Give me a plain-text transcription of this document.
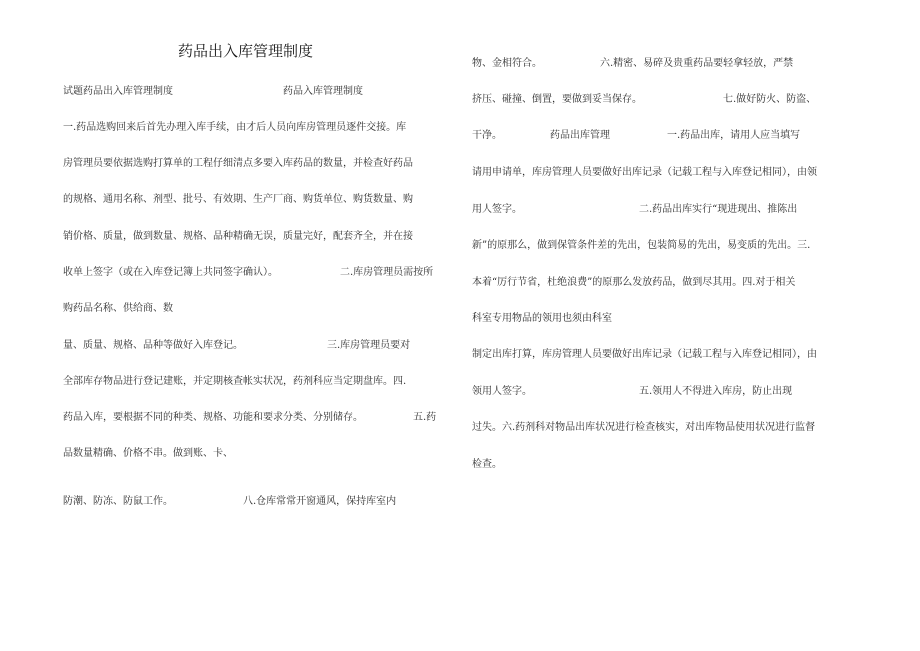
药品出入库管理制度
试题药品出入库管理制度	药品入库管理制度
一.药品选购回来后首先办理入库手续，由才后人员向库房管理员逐件交接。库
房管理员要依据选购打算单的工程仔细清点多要入库药品的数量，并检查好药品
的规格、通用名称、剂型、批号、有效期、生产厂商、购货单位、购货数量、购
销价格、质量，做到数量、规格、品种精确无误，质量完好，配套齐全，并在接
收单上签字（或在入库登记簿上共同签字确认）。	二.库房管理员需按所
购药品名称、供给商、数
量、质量、规格、品种等做好入库登记。	三.库房管理员要对
全部库存物品进行登记建账，并定期核查帐实状况，药剂科应当定期盘库。四.
药品入库，要根据不同的种类、规格、功能和要求分类、分别储存。	五.药
品数量精确、价格不串。做到账、卡、
防潮、防冻、防鼠工作。	八.仓库常常开窗通风，保持库室内
物、金相符合。	六.精密、易碎及贵重药品要轻拿轻放，严禁
挤压、碰撞、倒置，要做到妥当保存。	七.做好防火、防盗、
干净。	药品出库管理	一.药品出库，请用人应当填写
请用申请单，库房管理人员要做好出库记录（记载工程与入库登记相同），由领
用人签字。	二.药品出库实行“现进现出、推陈出
新”的原那么，做到保管条件差的先出，包装简易的先出，易变质的先出。三.
本着“厉行节省，杜绝浪费”的原那么发放药品，做到尽其用。四.对于相关
科室专用物品的领用也须由科室
制定出库打算，库房管理人员要做好出库记录（记载工程与入库登记相同），由
领用人签字。	五.领用人不得进入库房，防止出现
过失。六.药剂科对物品出库状况进行检查核实，对出库物品使用状况进行监督
检查。
